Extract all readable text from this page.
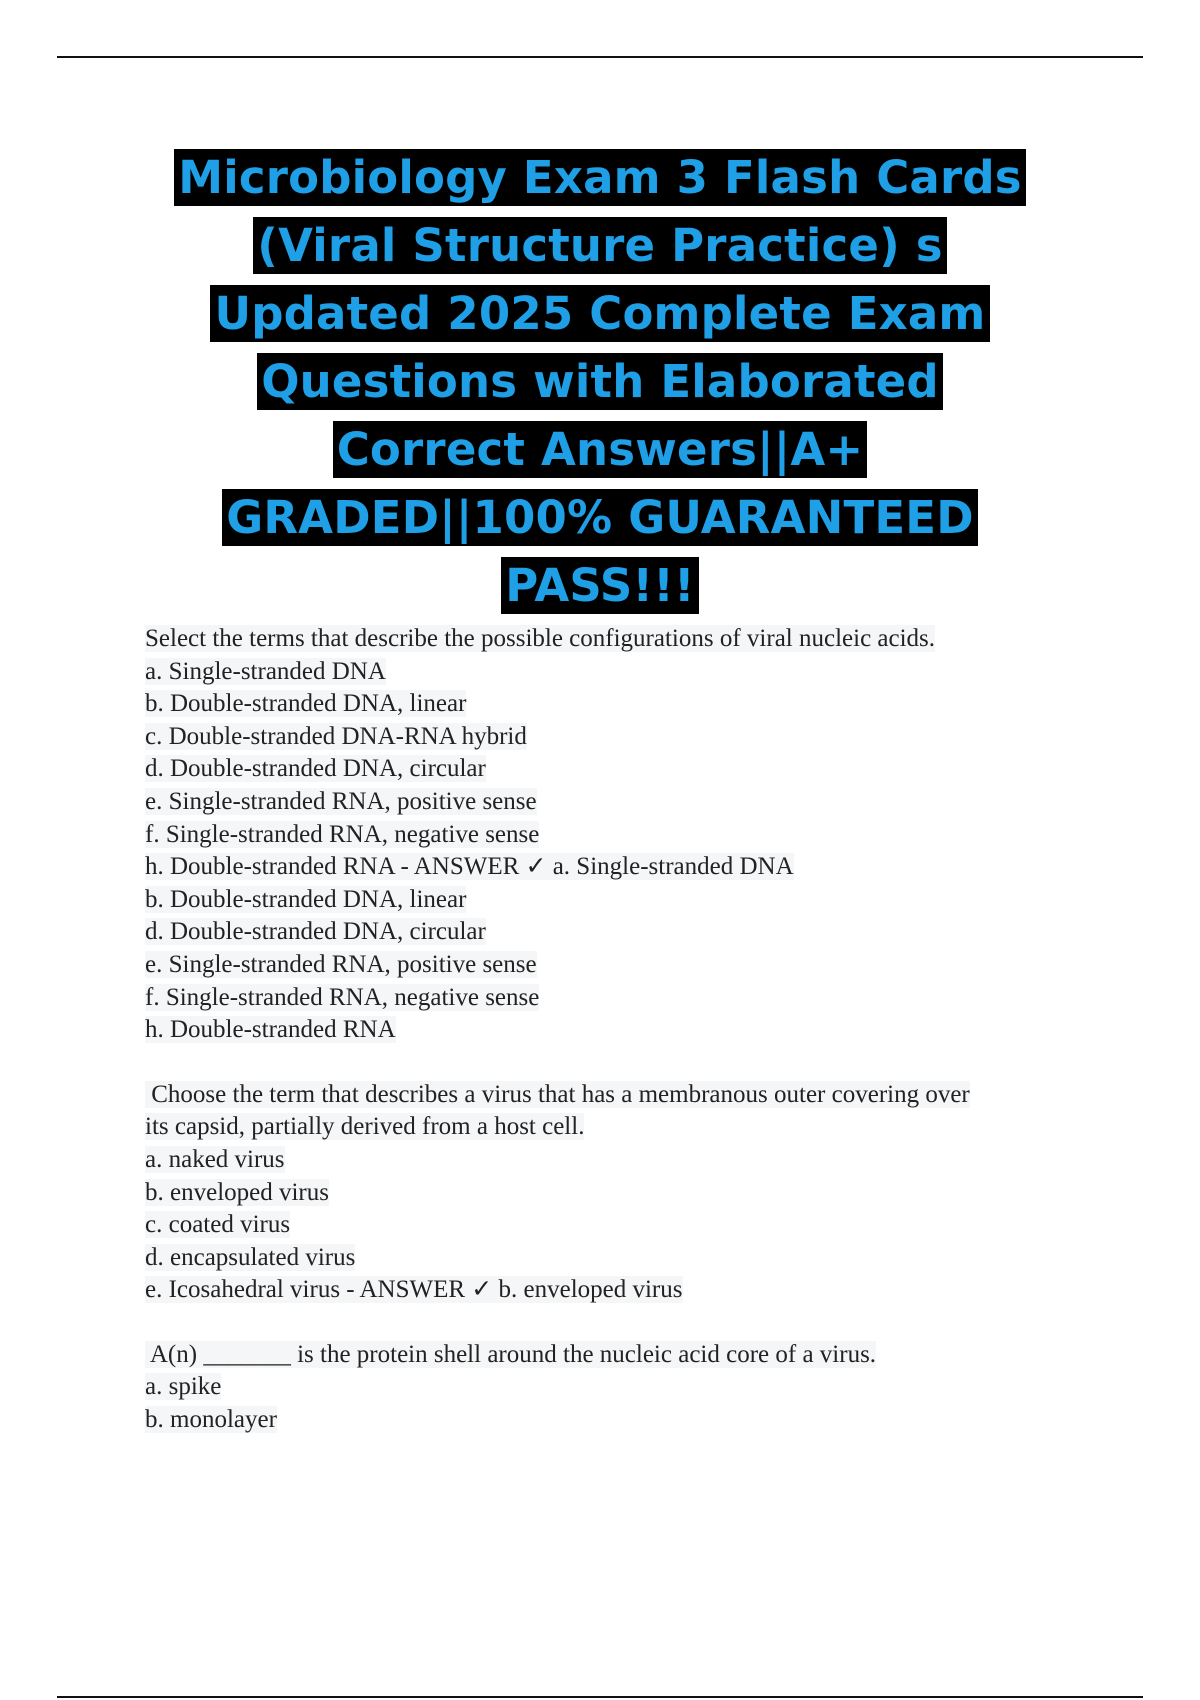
Microbiology Exam 3 Flash Cards
(Viral Structure Practice) s
Updated 2025 Complete Exam
Questions with Elaborated
Correct Answers||A+
GRADED||100% GUARANTEED
PASS!!!
Select the terms that describe the possible configurations of viral nucleic acids.
a. Single-stranded DNA
b. Double-stranded DNA, linear
c. Double-stranded DNA-RNA hybrid
d. Double-stranded DNA, circular
e. Single-stranded RNA, positive sense
f. Single-stranded RNA, negative sense
h. Double-stranded RNA - ANSWER ✓ a. Single-stranded DNA
b. Double-stranded DNA, linear
d. Double-stranded DNA, circular
e. Single-stranded RNA, positive sense
f. Single-stranded RNA, negative sense
h. Double-stranded RNA
Choose the term that describes a virus that has a membranous outer covering over
its capsid, partially derived from a host cell.
a. naked virus
b. enveloped virus
c. coated virus
d. encapsulated virus
e. Icosahedral virus - ANSWER ✓ b. enveloped virus
A(n) _______ is the protein shell around the nucleic acid core of a virus.
a. spike
b. monolayer
